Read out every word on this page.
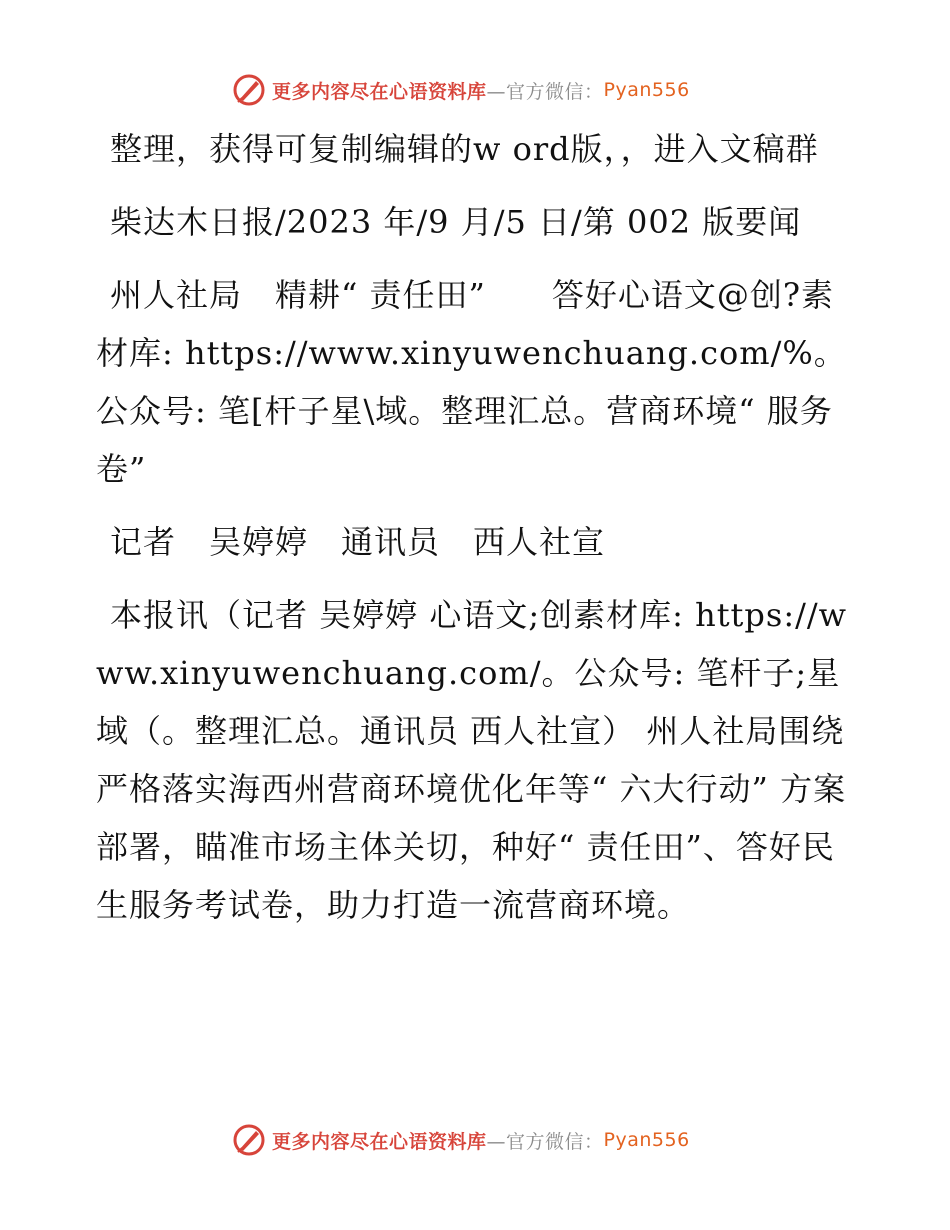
更多内容尽在心语资料库 —官方微信： Pyan556

整理，获得可复制编辑的w ord版，，进入文稿群

柴达木日报/2023 年/9 月/5 日/第 002 版要闻

州人社局　精耕“ 责任田”　　答好心语文@创?素材库: https://www.xinyuwenchuang.com/%。公众号: 笔[杆子星\域。整理汇总。营商环境“ 服务卷”

记者　吴婷婷　通讯员　西人社宣

本报讯（记者 吴婷婷 心语文;创素材库: https://www.xinyuwenchuang.com/。公众号: 笔杆子;星域（。整理汇总。通讯员 西人社宣） 州人社局围绕严格落实海西州营商环境优化年等“ 六大行动” 方案部署，瞄准市场主体关切，种好“ 责任田”、答好民生服务考试卷，助力打造一流营商环境。

更多内容尽在心语资料库 —官方微信： Pyan556
